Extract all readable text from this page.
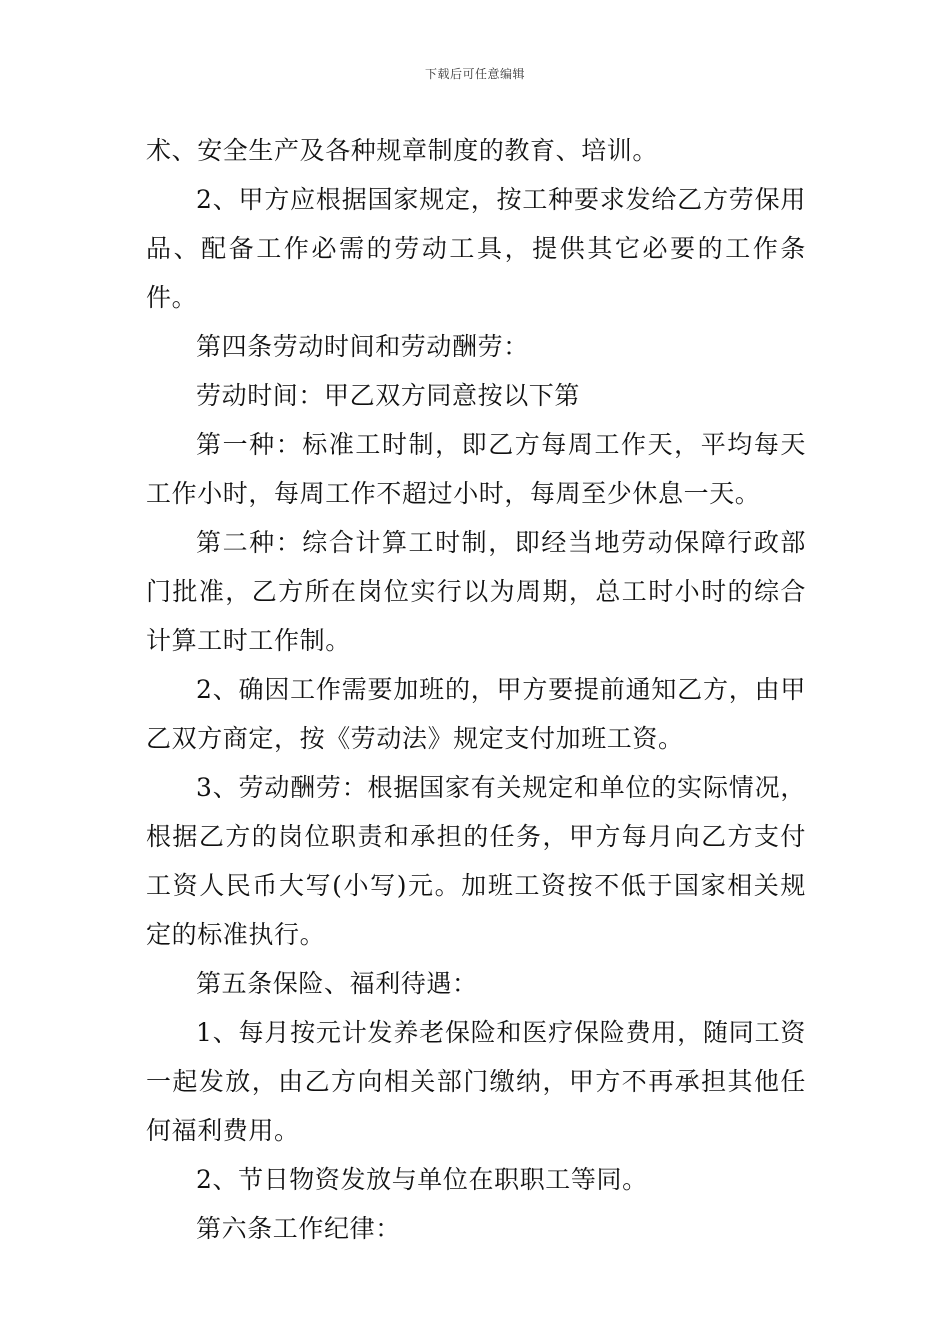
下载后可任意编辑

术、安全生产及各种规章制度的教育、培训。

2、甲方应根据国家规定，按工种要求发给乙方劳保用品、配备工作必需的劳动工具，提供其它必要的工作条件。

第四条劳动时间和劳动酬劳：

劳动时间：甲乙双方同意按以下第

第一种：标准工时制，即乙方每周工作天，平均每天工作小时，每周工作不超过小时，每周至少休息一天。

第二种：综合计算工时制，即经当地劳动保障行政部门批准，乙方所在岗位实行以为周期，总工时小时的综合计算工时工作制。

2、确因工作需要加班的，甲方要提前通知乙方，由甲乙双方商定，按《劳动法》规定支付加班工资。

3、劳动酬劳：根据国家有关规定和单位的实际情况，根据乙方的岗位职责和承担的任务，甲方每月向乙方支付工资人民币大写(小写)元。加班工资按不低于国家相关规定的标准执行。

第五条保险、福利待遇：

1、每月按元计发养老保险和医疗保险费用，随同工资一起发放，由乙方向相关部门缴纳，甲方不再承担其他任何福利费用。

2、节日物资发放与单位在职职工等同。

第六条工作纪律：
